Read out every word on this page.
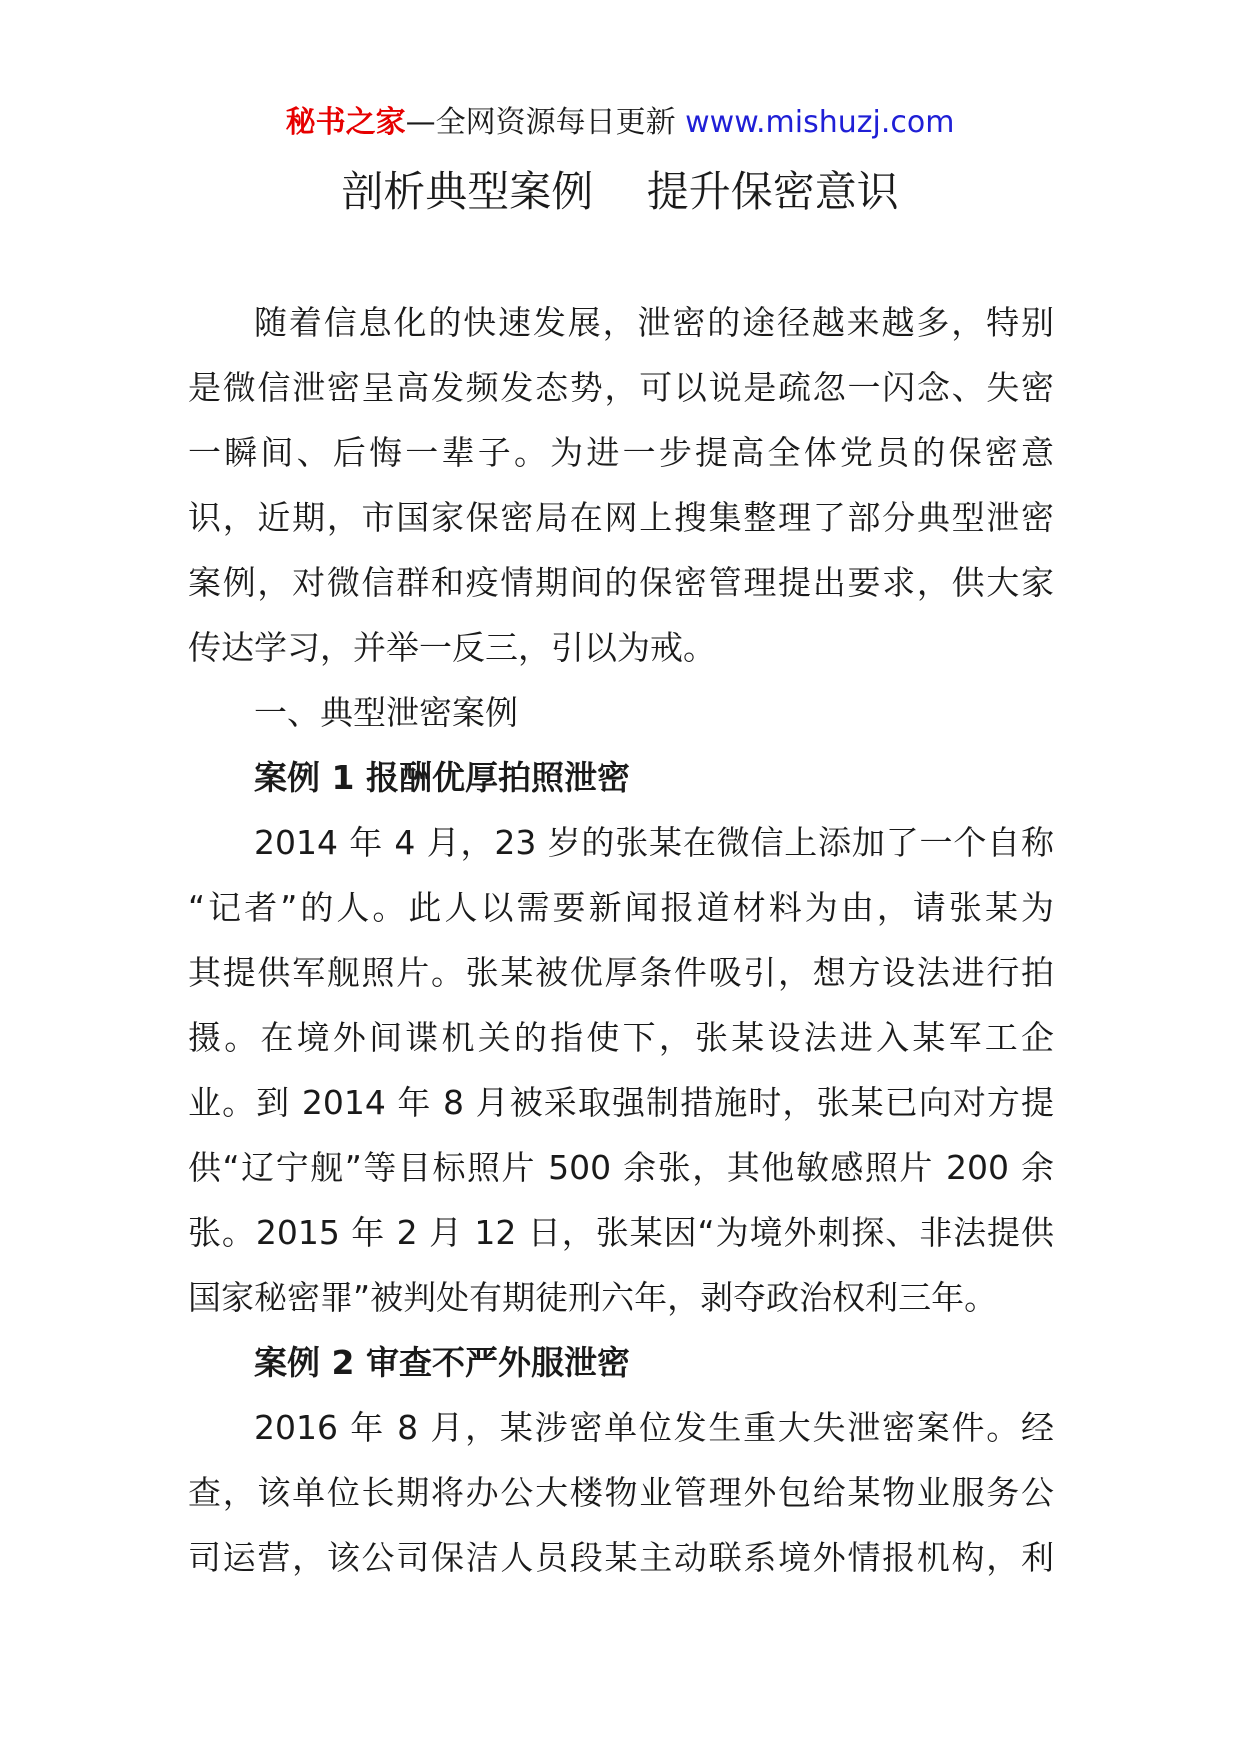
秘书之家—全网资源每日更新 www.mishuzj.com
剖析典型案例    提升保密意识
随着信息化的快速发展，泄密的途径越来越多，特别
是微信泄密呈高发频发态势，可以说是疏忽一闪念、失密
一瞬间、后悔一辈子。为进一步提高全体党员的保密意
识，近期，市国家保密局在网上搜集整理了部分典型泄密
案例，对微信群和疫情期间的保密管理提出要求，供大家
传达学习，并举一反三，引以为戒。
一、典型泄密案例
案例 1 报酬优厚拍照泄密
2014 年 4 月，23 岁的张某在微信上添加了一个自称
“记者”的人。此人以需要新闻报道材料为由，请张某为
其提供军舰照片。张某被优厚条件吸引，想方设法进行拍
摄。在境外间谍机关的指使下，张某设法进入某军工企
业。到 2014 年 8 月被采取强制措施时，张某已向对方提
供“辽宁舰”等目标照片 500 余张，其他敏感照片 200 余
张。2015 年 2 月 12 日，张某因“为境外刺探、非法提供
国家秘密罪”被判处有期徒刑六年，剥夺政治权利三年。
案例 2 审查不严外服泄密
2016 年 8 月，某涉密单位发生重大失泄密案件。经
查，该单位长期将办公大楼物业管理外包给某物业服务公
司运营，该公司保洁人员段某主动联系境外情报机构，利
